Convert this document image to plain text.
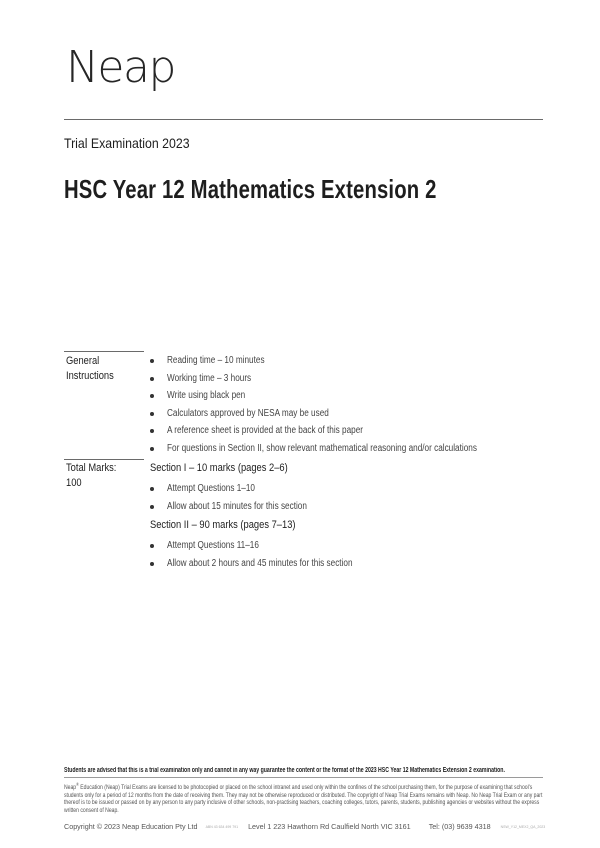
Neap
Trial Examination 2023
HSC Year 12 Mathematics Extension 2
General
Instructions
Reading time – 10 minutes
Working time – 3 hours
Write using black pen
Calculators approved by NESA may be used
A reference sheet is provided at the back of this paper
For questions in Section II, show relevant mathematical reasoning and/or calculations
Total Marks:
100
Section I – 10 marks (pages 2–6)
Attempt Questions 1–10
Allow about 15 minutes for this section
Section II – 90 marks (pages 7–13)
Attempt Questions 11–16
Allow about 2 hours and 45 minutes for this section
Students are advised that this is a trial examination only and cannot in any way guarantee the content or the format of the 2023 HSC Year 12 Mathematics Extension 2 examination.
Neap® Education (Neap) Trial Exams are licensed to be photocopied or placed on the school intranet and used only within the confines of the school purchasing them, for the purpose of examining that school's students only for a period of 12 months from the date of receiving them. They may not be otherwise reproduced or distributed. The copyright of Neap Trial Exams remains with Neap. No Neap Trial Exam or any part thereof is to be issued or passed on by any person to any party inclusive of other schools, non-practising teachers, coaching colleges, tutors, parents, students, publishing agencies or websites without the express written consent of Neap.
Copyright © 2023 Neap Education Pty Ltd ABN 43 634 499 791 Level 1 223 Hawthorn Rd Caulfield North VIC 3161	Tel: (03) 9639 4318	NSW_Y12_MEX2_QA_2023
